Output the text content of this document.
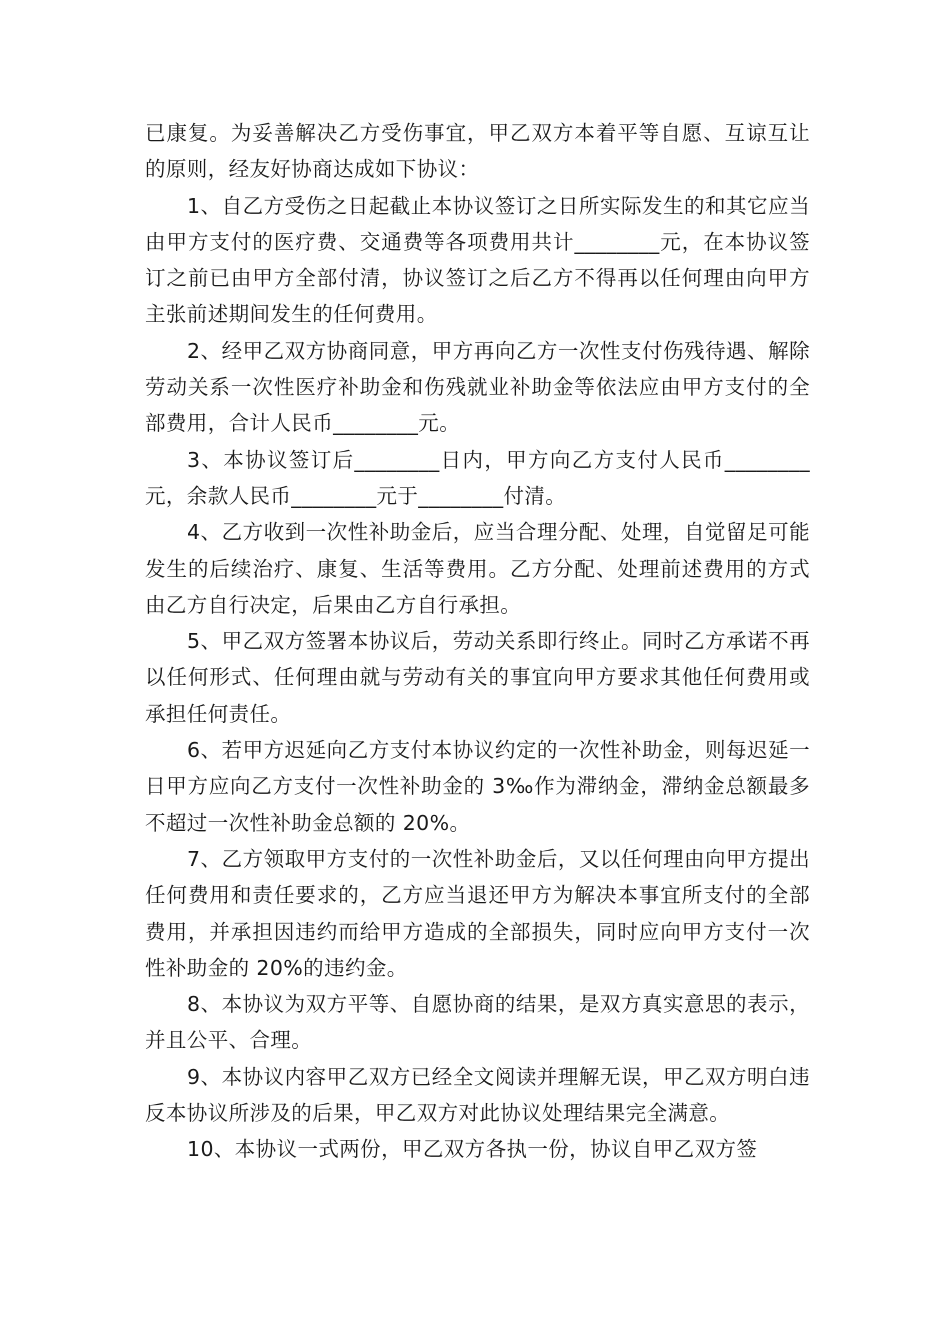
已康复。为妥善解决乙方受伤事宜，甲乙双方本着平等自愿、互谅互让的原则，经友好协商达成如下协议：

1、自乙方受伤之日起截止本协议签订之日所实际发生的和其它应当由甲方支付的医疗费、交通费等各项费用共计________元，在本协议签订之前已由甲方全部付清，协议签订之后乙方不得再以任何理由向甲方主张前述期间发生的任何费用。

2、经甲乙双方协商同意，甲方再向乙方一次性支付伤残待遇、解除劳动关系一次性医疗补助金和伤残就业补助金等依法应由甲方支付的全部费用，合计人民币________元。

3、本协议签订后________日内，甲方向乙方支付人民币________元，余款人民币________元于________付清。

4、乙方收到一次性补助金后，应当合理分配、处理，自觉留足可能发生的后续治疗、康复、生活等费用。乙方分配、处理前述费用的方式由乙方自行决定，后果由乙方自行承担。

5、甲乙双方签署本协议后，劳动关系即行终止。同时乙方承诺不再以任何形式、任何理由就与劳动有关的事宜向甲方要求其他任何费用或承担任何责任。

6、若甲方迟延向乙方支付本协议约定的一次性补助金，则每迟延一日甲方应向乙方支付一次性补助金的 3‰作为滞纳金，滞纳金总额最多不超过一次性补助金总额的 20%。

7、乙方领取甲方支付的一次性补助金后，又以任何理由向甲方提出任何费用和责任要求的，乙方应当退还甲方为解决本事宜所支付的全部费用，并承担因违约而给甲方造成的全部损失，同时应向甲方支付一次性补助金的 20%的违约金。

8、本协议为双方平等、自愿协商的结果，是双方真实意思的表示，并且公平、合理。

9、本协议内容甲乙双方已经全文阅读并理解无误，甲乙双方明白违反本协议所涉及的后果，甲乙双方对此协议处理结果完全满意。

10、本协议一式两份，甲乙双方各执一份，协议自甲乙双方签
